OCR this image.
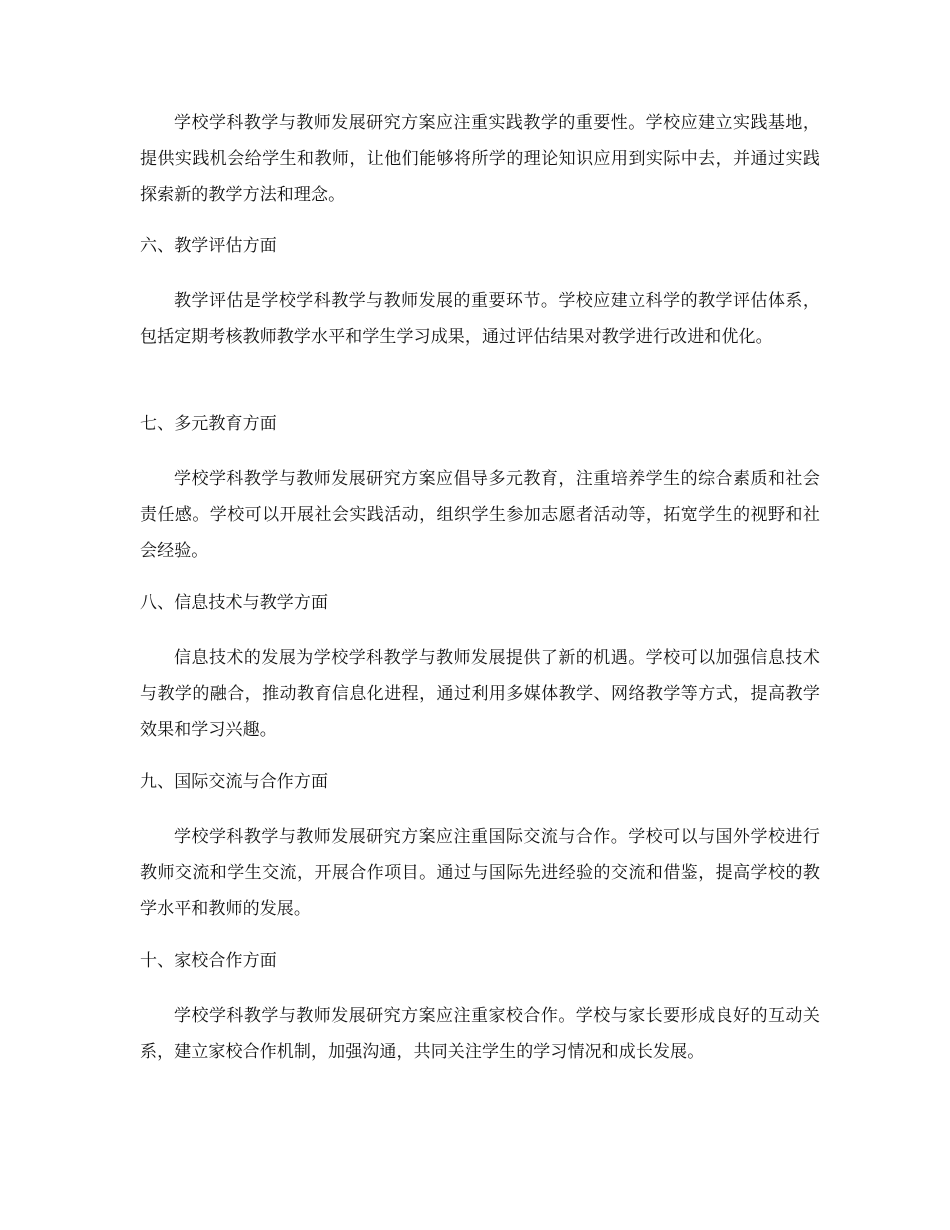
学校学科教学与教师发展研究方案应注重实践教学的重要性。学校应建立实践基地，提供实践机会给学生和教师，让他们能够将所学的理论知识应用到实际中去，并通过实践探索新的教学方法和理念。

六、教学评估方面

教学评估是学校学科教学与教师发展的重要环节。学校应建立科学的教学评估体系，包括定期考核教师教学水平和学生学习成果，通过评估结果对教学进行改进和优化。

七、多元教育方面

学校学科教学与教师发展研究方案应倡导多元教育，注重培养学生的综合素质和社会责任感。学校可以开展社会实践活动，组织学生参加志愿者活动等，拓宽学生的视野和社会经验。

八、信息技术与教学方面

信息技术的发展为学校学科教学与教师发展提供了新的机遇。学校可以加强信息技术与教学的融合，推动教育信息化进程，通过利用多媒体教学、网络教学等方式，提高教学效果和学习兴趣。

九、国际交流与合作方面

学校学科教学与教师发展研究方案应注重国际交流与合作。学校可以与国外学校进行教师交流和学生交流，开展合作项目。通过与国际先进经验的交流和借鉴，提高学校的教学水平和教师的发展。

十、家校合作方面

学校学科教学与教师发展研究方案应注重家校合作。学校与家长要形成良好的互动关系，建立家校合作机制，加强沟通，共同关注学生的学习情况和成长发展。
